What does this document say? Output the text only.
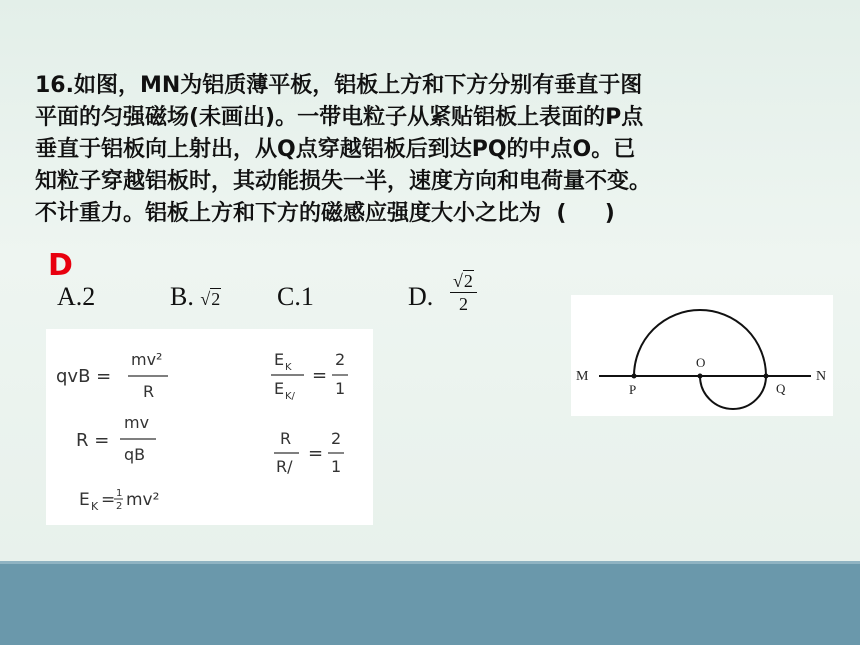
16.如图，MN为铝质薄平板，铝板上方和下方分别有垂直于图
平面的匀强磁场(未画出)。一带电粒子从紧贴铝板上表面的P点
垂直于铝板向上射出，从Q点穿越铝板后到达PQ的中点O。已
知粒子穿越铝板时，其动能损失一半，速度方向和电荷量不变。
不计重力。铝板上方和下方的磁感应强度大小之比为 (     )
D
A.2	B. √2 C.1	D. $\frac{√2}{2}$
qvB =
mv²
R
R =
mv
qB
E K = 1
2 mv²
E K
E K/
=
2
1
R
R/
=
2
1
M	N
P
O
Q
